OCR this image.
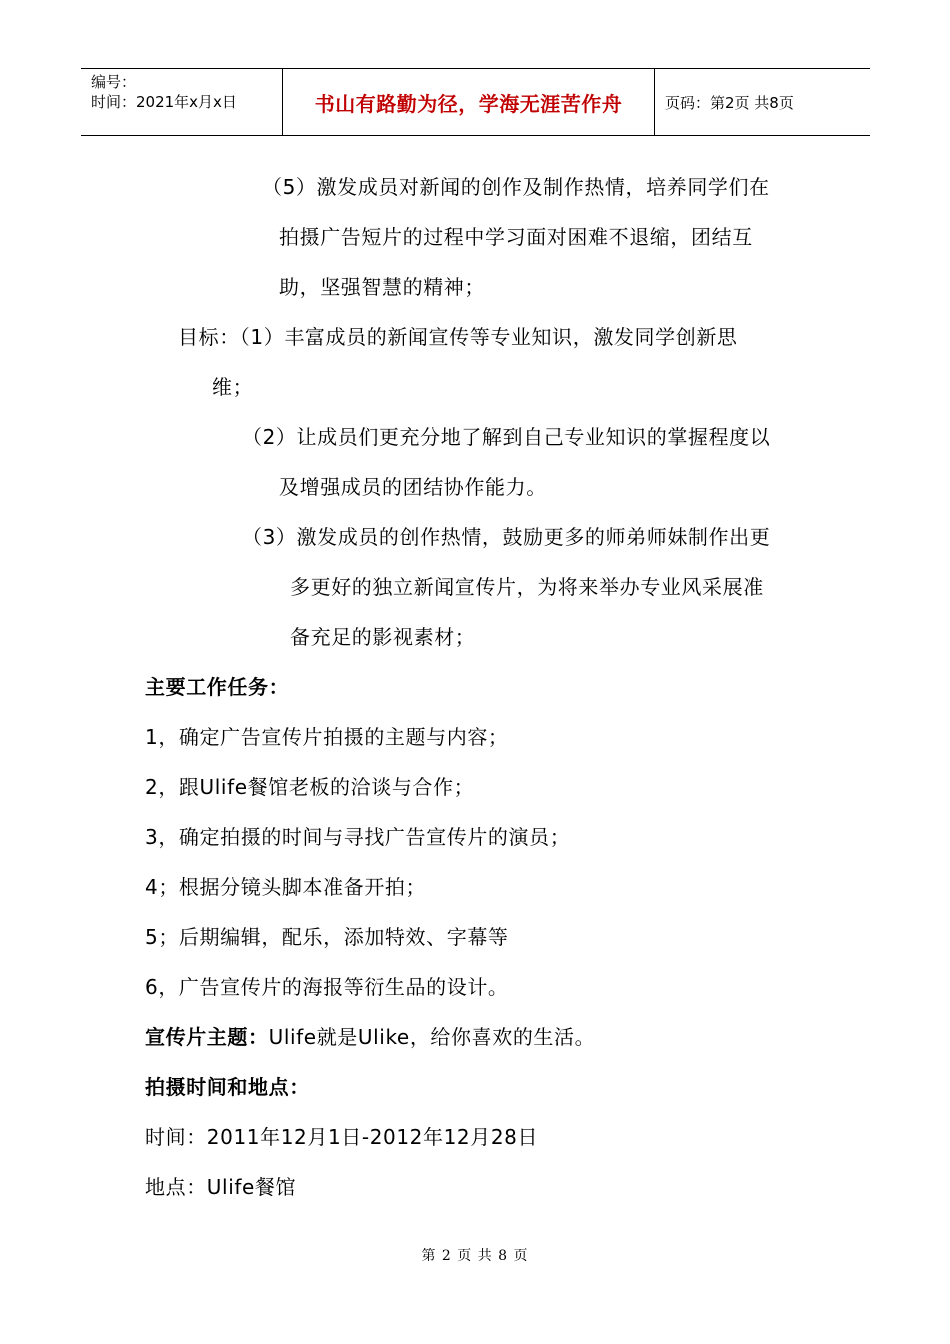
编号：
时间：2021年x月x日	书山有路勤为径，学海无涯苦作舟	页码：第2页 共8页
（5）激发成员对新闻的创作及制作热情，培养同学们在
拍摄广告短片的过程中学习面对困难不退缩，团结互
助，坚强智慧的精神；
目标：（1）丰富成员的新闻宣传等专业知识，激发同学创新思
维；
（2）让成员们更充分地了解到自己专业知识的掌握程度以
及增强成员的团结协作能力。
（3）激发成员的创作热情，鼓励更多的师弟师妹制作出更
多更好的独立新闻宣传片，为将来举办专业风采展准
备充足的影视素材；
主要工作任务：
1，确定广告宣传片拍摄的主题与内容；
2，跟Ulife餐馆老板的洽谈与合作；
3，确定拍摄的时间与寻找广告宣传片的演员；
4；根据分镜头脚本准备开拍；
5；后期编辑，配乐，添加特效、字幕等
6，广告宣传片的海报等衍生品的设计。
宣传片主题：Ulife就是Ulike，给你喜欢的生活。
拍摄时间和地点：
时间：2011年12月1日-2012年12月28日
地点：Ulife餐馆
第 2 页 共 8 页
